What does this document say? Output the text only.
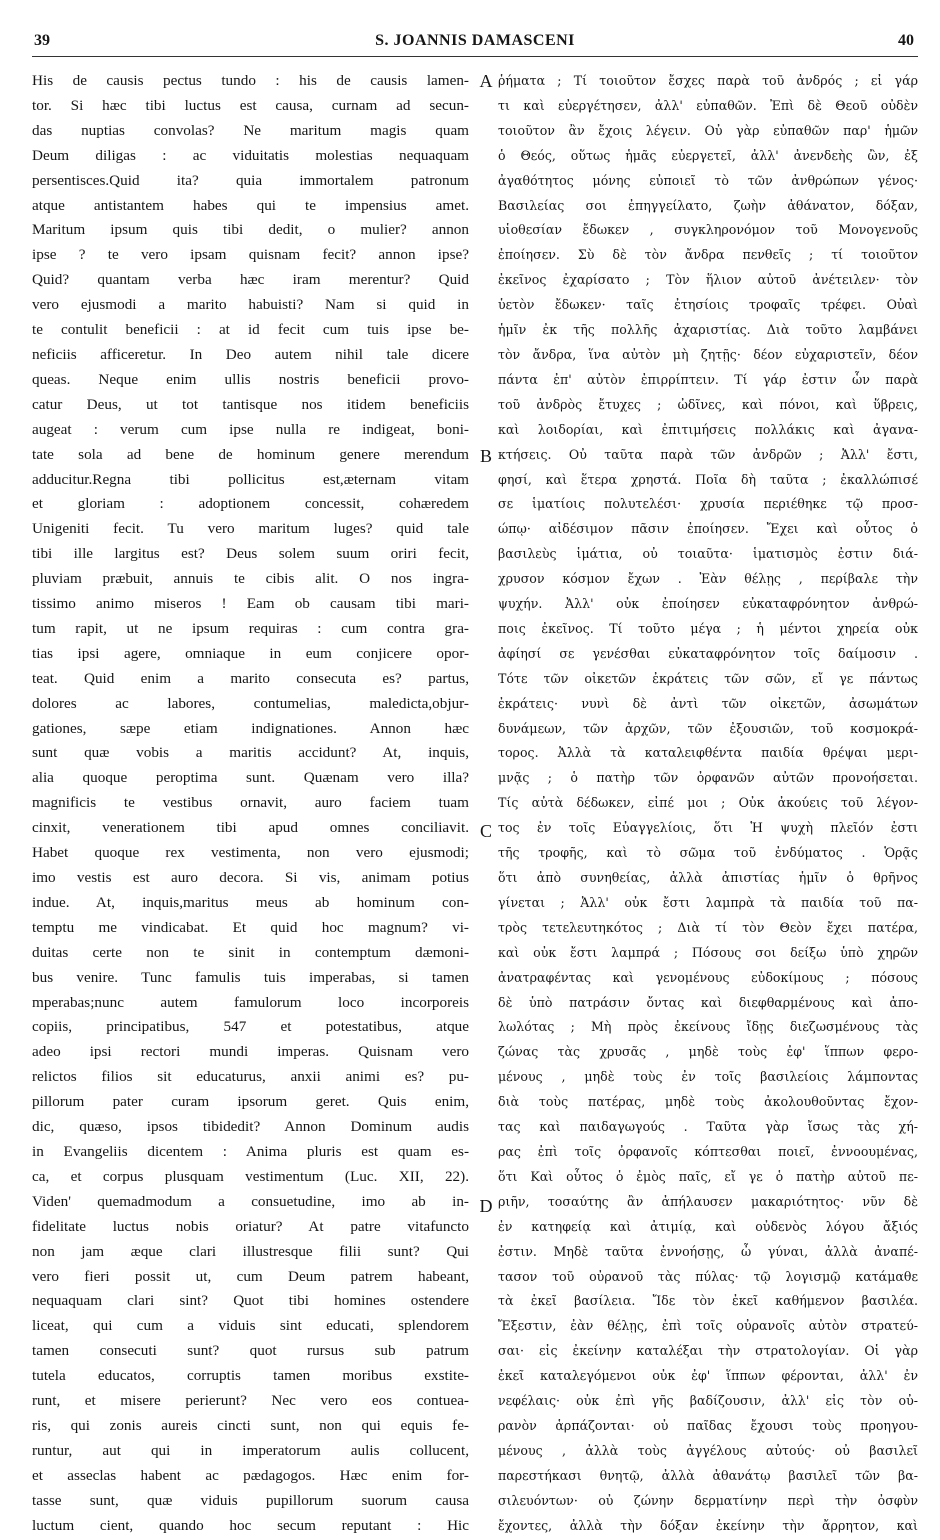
39	S. JOANNIS DAMASCENI	40
His de causis pectus tundo : his de causis lamen-
tor. Si hæc tibi luctus est causa, curnam ad secun-
das nuptias convolas? Ne maritum magis quam
Deum diligas : ac viduitatis molestias nequaquam
persentisces.Quid ita? quia immortalem patronum
atque antistantem habes qui te impensius amet.
Maritum ipsum quis tibi dedit, o mulier? annon
ipse ? te vero ipsam quisnam fecit? annon ipse?
Quid? quantam verba hæc iram merentur? Quid
vero ejusmodi a marito habuisti? Nam si quid in
te contulit beneficii : at id fecit cum tuis ipse be-
neficiis afficeretur. In Deo autem nihil tale dicere
queas. Neque enim ullis nostris beneficii provo-
catur Deus, ut tot tantisque nos itidem beneficiis
augeat : verum cum ipse nulla re indigeat, boni-
tate sola ad bene de hominum genere merendum
adducitur.Regna tibi pollicitus est,æternam vitam
et gloriam : adoptionem concessit, cohæredem
Unigeniti fecit. Tu vero maritum luges? quid tale
tibi ille largitus est? Deus solem suum oriri fecit,
pluviam præbuit, annuis te cibis alit. O nos ingra-
tissimo animo miseros ! Eam ob causam tibi mari-
tum rapit, ut ne ipsum requiras : cum contra gra-
tias ipsi agere, omniaque in eum conjicere opor-
teat. Quid enim a marito consecuta es? partus,
dolores ac labores, contumelias, maledicta,objur-
gationes, sæpe etiam indignationes. Annon hæc
sunt quæ vobis a maritis accidunt? At, inquis,
alia quoque peroptima sunt. Quænam vero illa?
magnificis te vestibus ornavit, auro faciem tuam
cinxit, venerationem tibi apud omnes conciliavit.
Habet quoque rex vestimenta, non vero ejusmodi;
imo vestis est auro decora. Si vis, animam potius
indue. At, inquis,maritus meus ab hominum con-
temptu me vindicabat. Et quid hoc magnum? vi-
duitas certe non te sinit in contemptum dæmoni-
bus venire. Tunc famulis tuis imperabas, si tamen
mperabas;nunc autem famulorum loco incorporeis
copiis, principatibus, 547 et potestatibus, atque
adeo ipsi rectori mundi imperas. Quisnam vero
relictos filios sit educaturus, anxii animi es? pu-
pillorum pater curam ipsorum geret. Quis enim,
dic, quæso, ipsos tibidedit? Annon Dominum audis
in Evangeliis dicentem : Anima pluris est quam es-
ca, et corpus plusquam vestimentum (Luc. XII, 22).
Viden' quemadmodum a consuetudine, imo ab in-
fidelitate luctus nobis oriatur? At patre vitafuncto
non jam æque clari illustresque filii sunt? Qui
vero fieri possit ut, cum Deum patrem habeant,
nequaquam clari sint? Quot tibi homines ostendere
liceat, qui cum a viduis sint educati, splendorem
tamen consecuti sunt? quot rursus sub patrum
tutela educatos, corruptis tamen moribus exstite-
runt, et misere perierunt? Nec vero eos contuea-
ris, qui zonis aureis cincti sunt, non qui equis fe-
runtur, aut qui in imperatorum aulis collucent,
et asseclas habent ac pædagogos. Hæc enim for-
tasse sunt, quæ viduis pupillorum suorum causa
luctum cient, quando hoc secum reputant : Hic
A
B
C
D
ῥήματα ; Τί τοιοῦτον ἔσχες παρὰ τοῦ ἀνδρός ; εἰ γάρ
τι καὶ εὐεργέτησεν, ἀλλ' εὐπαθῶν. Ἐπὶ δὲ Θεοῦ οὐδὲν
τοιοῦτον ἂν ἔχοις λέγειν. Οὐ γὰρ εὐπαθῶν παρ' ἡμῶν
ὁ Θεός, οὕτως ἡμᾶς εὐεργετεῖ, ἀλλ' ἀνενδεὴς ὢν, ἐξ
ἀγαθότητος μόνης εὐποιεῖ τὸ τῶν ἀνθρώπων γένος·
Βασιλείας σοι ἐπηγγείλατο, ζωὴν ἀθάνατον, δόξαν,
υἱοθεσίαν ἔδωκεν , συγκληρονόμον τοῦ Μονογενοῦς
ἐποίησεν. Σὺ δὲ τὸν ἄνδρα πενθεῖς ; τί τοιοῦτον
ἐκεῖνος ἐχαρίσατο ; Τὸν ἥλιον αὐτοῦ ἀνέτειλεν· τὸν
ὑετὸν ἔδωκεν· ταῖς ἐτησίοις τροφαῖς τρέφει. Οὐαὶ
ἡμῖν ἐκ τῆς πολλῆς ἀχαριστίας. Διὰ τοῦτο λαμβάνει
τὸν ἄνδρα, ἵνα αὐτὸν μὴ ζητῇς· δέον εὐχαριστεῖν, δέον
πάντα ἐπ' αὐτὸν ἐπιρρίπτειν. Τί γάρ ἐστιν ὧν παρὰ
τοῦ ἀνδρὸς ἔτυχες ; ὠδῖνες, καὶ πόνοι, καὶ ὕβρεις,
καὶ λοιδορίαι, καὶ ἐπιτιμήσεις πολλάκις καὶ ἀγανα-
κτήσεις. Οὐ ταῦτα παρὰ τῶν ἀνδρῶν ; Ἀλλ' ἔστι,
φησί, καὶ ἕτερα χρηστά. Ποῖα δὴ ταῦτα ; ἐκαλλώπισέ
σε ἱματίοις πολυτελέσι· χρυσία περιέθηκε τῷ προσ-
ώπῳ· αἰδέσιμον πᾶσιν ἐποίησεν. Ἔχει καὶ οὗτος ὁ
βασιλεὺς ἱμάτια, οὐ τοιαῦτα· ἱματισμὸς ἐστιν διά-
χρυσον κόσμον ἔχων . Ἐὰν θέλῃς , περίβαλε τὴν
ψυχήν. Ἀλλ' οὐκ ἐποίησεν εὐκαταφρόνητον ἀνθρώ-
ποις ἐκεῖνος. Τί τοῦτο μέγα ; ἡ μέντοι χηρεία οὐκ
ἀφίησί σε γενέσθαι εὐκαταφρόνητον τοῖς δαίμοσιν .
Τότε τῶν οἰκετῶν ἐκράτεις τῶν σῶν, εἴ γε πάντως
ἐκράτεις· νυνὶ δὲ ἀντὶ τῶν οἰκετῶν, ἀσωμάτων
δυνάμεων, τῶν ἀρχῶν, τῶν ἐξουσιῶν, τοῦ κοσμοκρά-
τορος. Ἀλλὰ τὰ καταλειφθέντα παιδία θρέψαι μερι-
μνᾷς ; ὁ πατὴρ τῶν ὀρφανῶν αὐτῶν προνοήσεται.
Τίς αὐτὰ δέδωκεν, εἰπέ μοι ; Οὐκ ἀκούεις τοῦ λέγον-
τος ἐν τοῖς Εὐαγγελίοις, ὅτι Ἡ ψυχὴ πλεῖόν ἐστι
τῆς τροφῆς, καὶ τὸ σῶμα τοῦ ἐνδύματος . Ὁρᾷς
ὅτι ἀπὸ συνηθείας, ἀλλὰ ἀπιστίας ἡμῖν ὁ θρῆνος
γίνεται ; Ἀλλ' οὐκ ἔστι λαμπρὰ τὰ παιδία τοῦ πα-
τρὸς τετελευτηκότος ; Διὰ τί τὸν Θεὸν ἔχει πατέρα,
καὶ οὐκ ἔστι λαμπρά ; Πόσους σοι δείξω ὑπὸ χηρῶν
ἀνατραφέντας καὶ γενομένους εὐδοκίμους ; πόσους
δὲ ὑπὸ πατράσιν ὄντας καὶ διεφθαρμένους καὶ ἀπο-
λωλότας ; Μὴ πρὸς ἐκείνους ἴδῃς διεζωσμένους τὰς
ζώνας τὰς χρυσᾶς , μηδὲ τοὺς ἐφ' ἵππων φερο-
μένους , μηδὲ τοὺς ἐν τοῖς βασιλείοις λάμποντας
διὰ τοὺς πατέρας, μηδὲ τοὺς ἀκολουθοῦντας ἔχον-
τας καὶ παιδαγωγούς . Ταῦτα γὰρ ἴσως τὰς χή-
ρας ἐπὶ τοῖς ὀρφανοῖς κόπτεσθαι ποιεῖ, ἐννοουμένας,
ὅτι Καὶ οὗτος ὁ ἐμὸς παῖς, εἴ γε ὁ πατὴρ αὐτοῦ πε-
ριῆν, τοσαύτης ἂν ἀπήλαυσεν μακαριότητος· νῦν δὲ
ἐν κατηφείᾳ καὶ ἀτιμίᾳ, καὶ οὐδενὸς λόγου ἄξιός
ἐστιν. Μηδὲ ταῦτα ἐννοήσῃς, ὦ γύναι, ἀλλὰ ἀναπέ-
τασον τοῦ οὐρανοῦ τὰς πύλας· τῷ λογισμῷ κατάμαθε
τὰ ἐκεῖ βασίλεια. Ἴδε τὸν ἐκεῖ καθήμενον βασιλέα.
Ἔξεστιν, ἐὰν θέλῃς, ἐπὶ τοῖς οὐρανοῖς αὐτὸν στρατεύ-
σαι· εἰς ἐκείνην καταλέξαι τὴν στρατολογίαν. Οἱ γὰρ
ἐκεῖ καταλεγόμενοι οὐκ ἐφ' ἵππων φέρονται, ἀλλ' ἐν
νεφέλαις· οὐκ ἐπὶ γῆς βαδίζουσιν, ἀλλ' εἰς τὸν οὐ-
ρανὸν ἁρπάζονται· οὐ παῖδας ἔχουσι τοὺς προηγου-
μένους , ἀλλὰ τοὺς ἀγγέλους αὐτούς· οὐ βασιλεῖ
παρεστήκασι θνητῷ, ἀλλὰ ἀθανάτῳ βασιλεῖ τῶν βα-
σιλευόντων· οὐ ζώνην δερματίνην περὶ τὴν ὀσφὺν
ἔχοντες, ἀλλὰ τὴν δόξαν ἐκείνην τὴν ἄρρητον, καὶ
